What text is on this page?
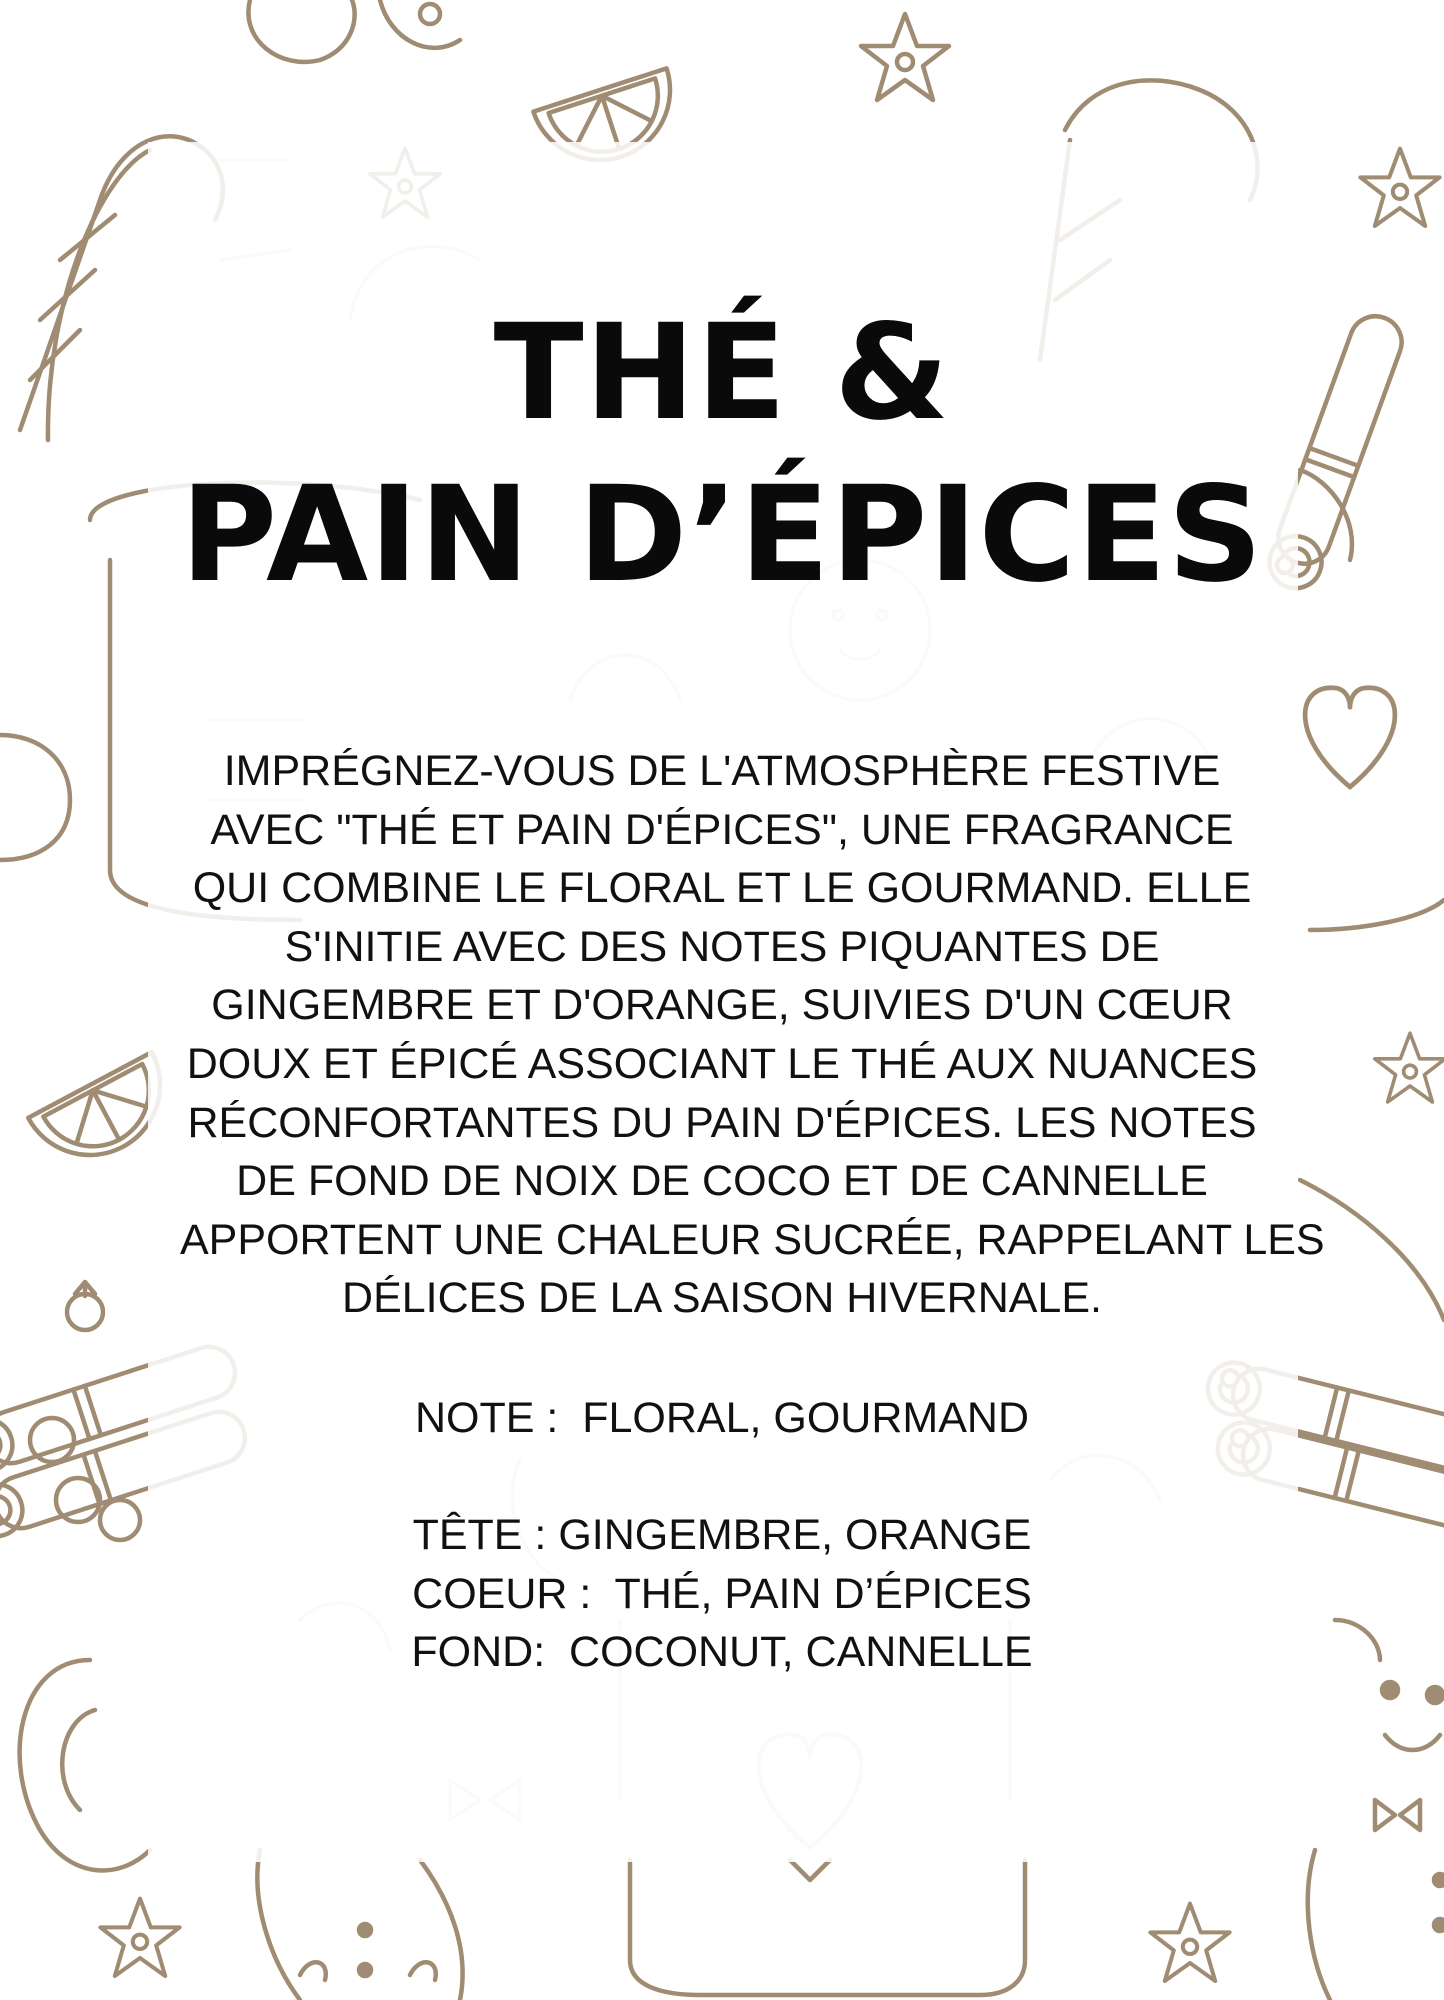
THÉ &
PAIN D’ÉPICES
IMPRÉGNEZ-VOUS DE L'ATMOSPHÈRE FESTIVE
AVEC "THÉ ET PAIN D'ÉPICES", UNE FRAGRANCE
QUI COMBINE LE FLORAL ET LE GOURMAND. ELLE
S'INITIE AVEC DES NOTES PIQUANTES DE
GINGEMBRE ET D'ORANGE, SUIVIES D'UN CŒUR
DOUX ET ÉPICÉ ASSOCIANT LE THÉ AUX NUANCES
RÉCONFORTANTES DU PAIN D'ÉPICES. LES NOTES
DE FOND DE NOIX DE COCO ET DE CANNELLE
APPORTENT UNE CHALEUR SUCRÉE, RAPPELANT LES
DÉLICES DE LA SAISON HIVERNALE.
NOTE :  FLORAL, GOURMAND
TÊTE : GINGEMBRE, ORANGE
COEUR :  THÉ, PAIN D’ÉPICES
FOND:  COCONUT, CANNELLE
